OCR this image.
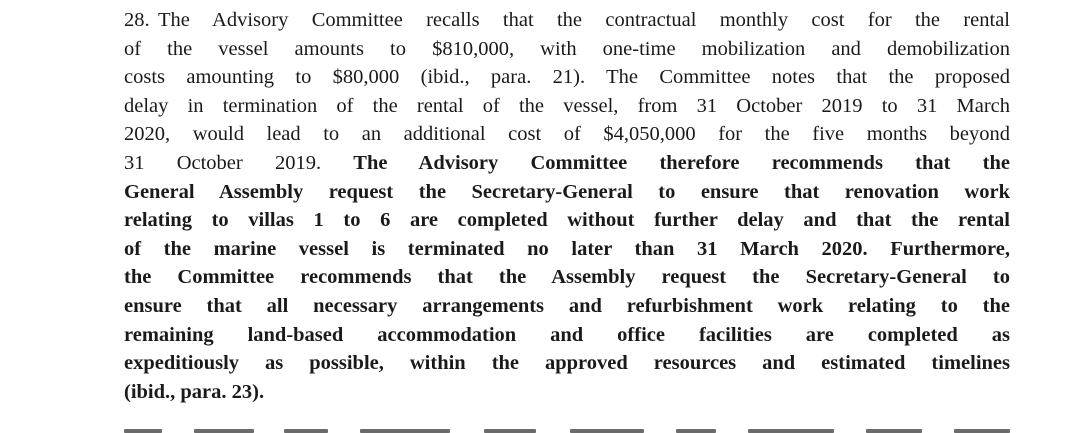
28. The Advisory Committee recalls that the contractual monthly cost for the rental
of the vessel amounts to $810,000, with one-time mobilization and demobilization
costs amounting to $80,000 (ibid., para. 21). The Committee notes that the proposed
delay in termination of the rental of the vessel, from 31 October 2019 to 31 March
2020, would lead to an additional cost of $4,050,000 for the five months beyond
31 October 2019. The Advisory Committee therefore recommends that the
General Assembly request the Secretary-General to ensure that renovation work
relating to villas 1 to 6 are completed without further delay and that the rental
of the marine vessel is terminated no later than 31 March 2020. Furthermore,
the Committee recommends that the Assembly request the Secretary-General to
ensure that all necessary arrangements and refurbishment work relating to the
remaining land-based accommodation and office facilities are completed as
expeditiously as possible, within the approved resources and estimated timelines
(ibid., para. 23).
